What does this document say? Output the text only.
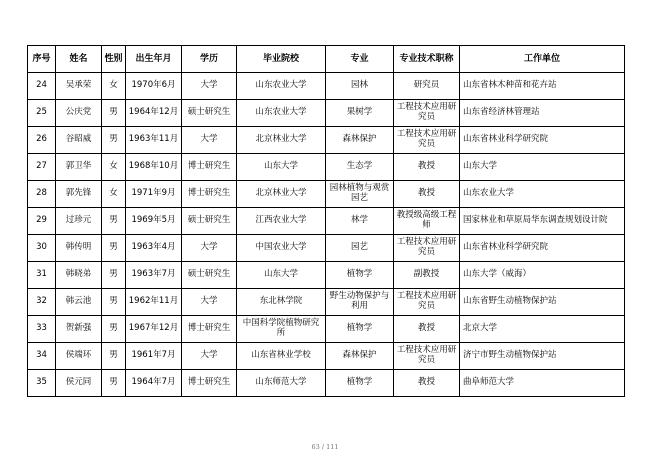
序号	姓名	性别	出生年月	学历	毕业院校	专业	专业技术职称	工作单位
24	吴承荣	女	1970年6月	大学	山东农业大学	园林	研究员	山东省林木种苗和花卉站
25	公庆党	男	1964年12月	硕士研究生	山东农业大学	果树学	工程技术应用研究员	山东省经济林管理站
26	谷昭威	男	1963年11月	大学	北京林业大学	森林保护	工程技术应用研究员	山东省林业科学研究院
27	郭卫华	女	1968年10月	博士研究生	山东大学	生态学	教授	山东大学
28	郭先锋	女	1971年9月	博士研究生	北京林业大学	园林植物与观赏园艺	教授	山东农业大学
29	过珍元	男	1969年5月	硕士研究生	江西农业大学	林学	教授级高级工程师	国家林业和草原局华东调查规划设计院
30	韩传明	男	1963年4月	大学	中国农业大学	园艺	工程技术应用研究员	山东省林业科学研究院
31	韩晓弟	男	1963年7月	硕士研究生	山东大学	植物学	副教授	山东大学（威海）
32	韩云池	男	1962年11月	大学	东北林学院	野生动物保护与利用	工程技术应用研究员	山东省野生动植物保护站
33	贺新强	男	1967年12月	博士研究生	中国科学院植物研究所	植物学	教授	北京大学
34	侯端环	男	1961年7月	大学	山东省林业学校	森林保护	工程技术应用研究员	济宁市野生动植物保护站
35	侯元同	男	1964年7月	博士研究生	山东师范大学	植物学	教授	曲阜师范大学
63 / 111
